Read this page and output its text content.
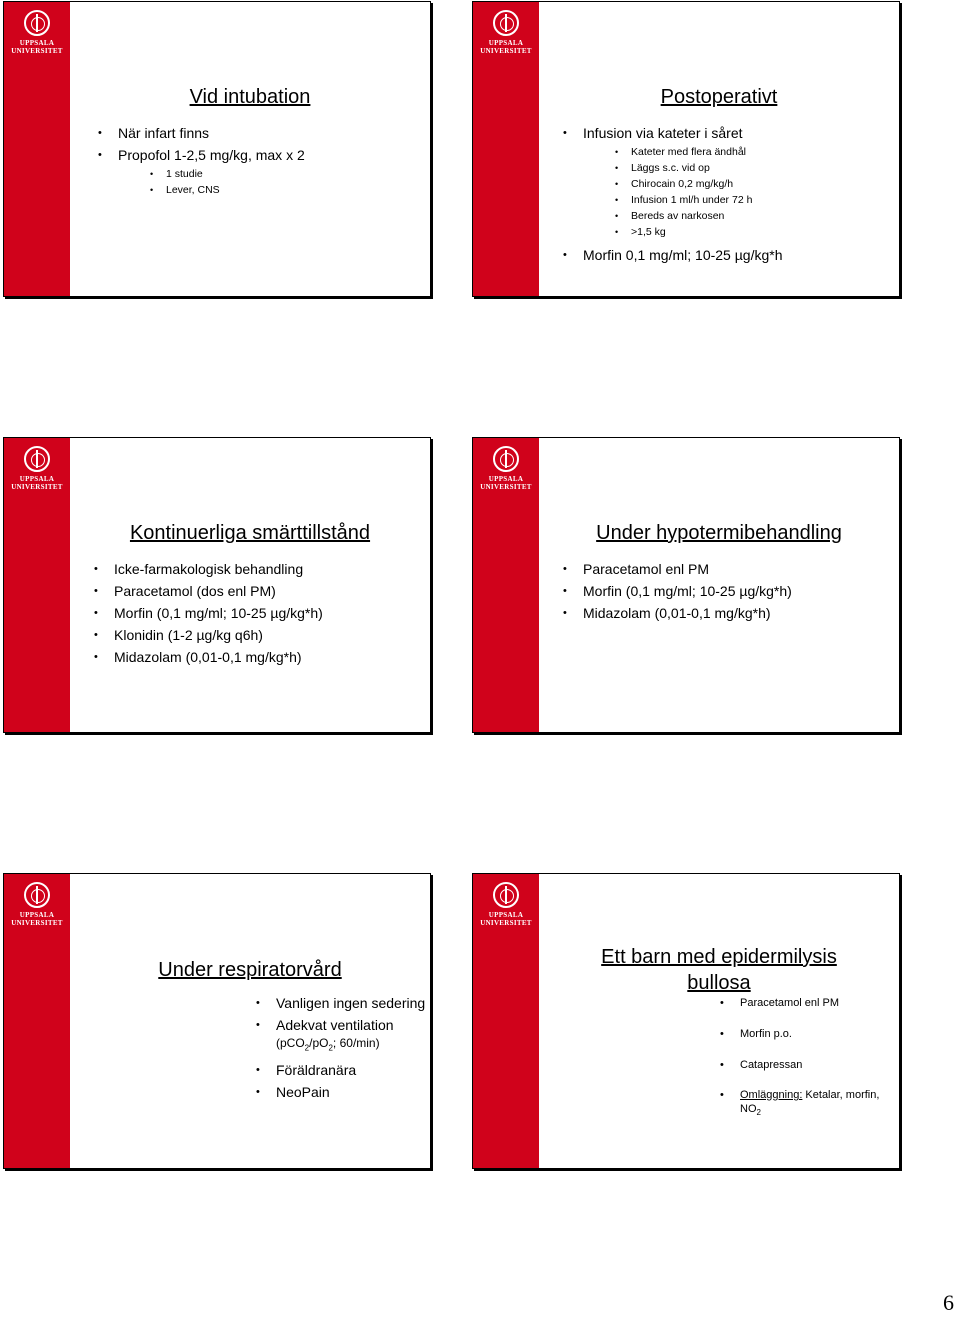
UPPSALA
UNIVERSITET
Vid intubation
• När infart finns
• Propofol 1-2,5 mg/kg, max x 2
• 1 studie
• Lever, CNS
UPPSALA
UNIVERSITET
Postoperativt
• Infusion via kateter i såret
• Kateter med flera ändhål
• Läggs s.c. vid op
• Chirocain 0,2 mg/kg/h
• Infusion 1 ml/h under 72 h
• Bereds av narkosen
• >1,5 kg
• Morfin 0,1 mg/ml; 10-25 µg/kg*h
UPPSALA
UNIVERSITET
Kontinuerliga smärttillstånd
• Icke-farmakologisk behandling
• Paracetamol (dos enl PM)
• Morfin (0,1 mg/ml; 10-25 µg/kg*h)
• Klonidin (1-2 µg/kg q6h)
• Midazolam (0,01-0,1 mg/kg*h)
UPPSALA
UNIVERSITET
Under hypotermibehandling
• Paracetamol enl PM
• Morfin (0,1 mg/ml; 10-25 µg/kg*h)
• Midazolam (0,01-0,1 mg/kg*h)
UPPSALA
UNIVERSITET
Under respiratorvård
• Vanligen ingen sedering
• Adekvat ventilation
($pCO_2/pO_2$; 60/min)
• Föräldranära
• NeoPain
UPPSALA
UNIVERSITET
Ett barn med epidermilysis bullosa
• Paracetamol enl PM
• Morfin p.o.
• Catapressan
• Omläggning: Ketalar, morfin, $NO_2$
6
